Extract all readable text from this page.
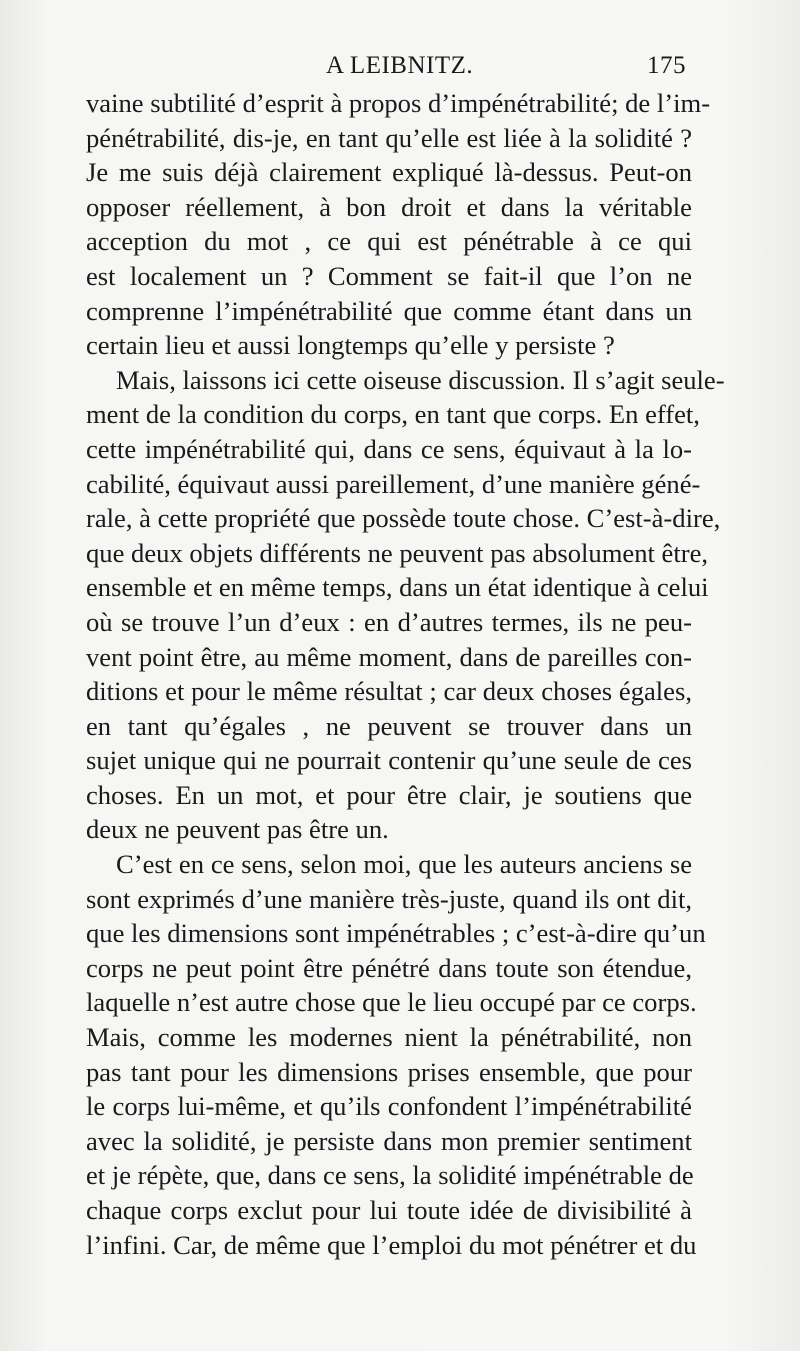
A LEIBNITZ.	175
vaine subtilité d’esprit à propos d’impénétrabilité; de l’im-
pénétrabilité, dis-je, en tant qu’elle est liée à la solidité ?
Je me suis déjà clairement expliqué là-dessus. Peut-on
opposer réellement, à bon droit et dans la véritable
acception du mot , ce qui est pénétrable à ce qui
est localement un ? Comment se fait-il que l’on ne
comprenne l’impénétrabilité que comme étant dans un
certain lieu et aussi longtemps qu’elle y persiste ?
Mais, laissons ici cette oiseuse discussion. Il s’agit seule-
ment de la condition du corps, en tant que corps. En effet,
cette impénétrabilité qui, dans ce sens, équivaut à la lo-
cabilité, équivaut aussi pareillement, d’une manière géné-
rale, à cette propriété que possède toute chose. C’est-à-dire,
que deux objets différents ne peuvent pas absolument être,
ensemble et en même temps, dans un état identique à celui
où se trouve l’un d’eux : en d’autres termes, ils ne peu-
vent point être, au même moment, dans de pareilles con-
ditions et pour le même résultat ; car deux choses égales,
en tant qu’égales , ne peuvent se trouver dans un
sujet unique qui ne pourrait contenir qu’une seule de ces
choses. En un mot, et pour être clair, je soutiens que
deux ne peuvent pas être un.
C’est en ce sens, selon moi, que les auteurs anciens se
sont exprimés d’une manière très-juste, quand ils ont dit,
que les dimensions sont impénétrables ; c’est-à-dire qu’un
corps ne peut point être pénétré dans toute son étendue,
laquelle n’est autre chose que le lieu occupé par ce corps.
Mais, comme les modernes nient la pénétrabilité, non
pas tant pour les dimensions prises ensemble, que pour
le corps lui-même, et qu’ils confondent l’impénétrabilité
avec la solidité, je persiste dans mon premier sentiment
et je répète, que, dans ce sens, la solidité impénétrable de
chaque corps exclut pour lui toute idée de divisibilité à
l’infini. Car, de même que l’emploi du mot pénétrer et du
